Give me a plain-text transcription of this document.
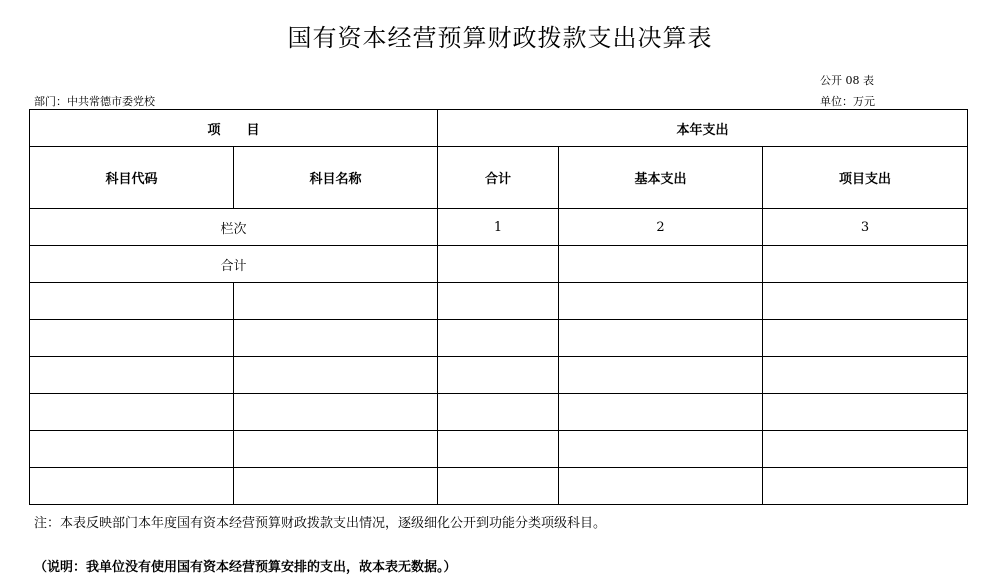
国有资本经营预算财政拨款支出决算表
公开 08 表
部门：中共常德市委党校	单位：万元
项　　目		本年支出		
科目代码	科目名称	合计	基本支出	项目支出
栏次		1	2	3
合计				

注：本表反映部门本年度国有资本经营预算财政拨款支出情况，逐级细化公开到功能分类项级科目。
（说明：我单位没有使用国有资本经营预算安排的支出，故本表无数据。）
